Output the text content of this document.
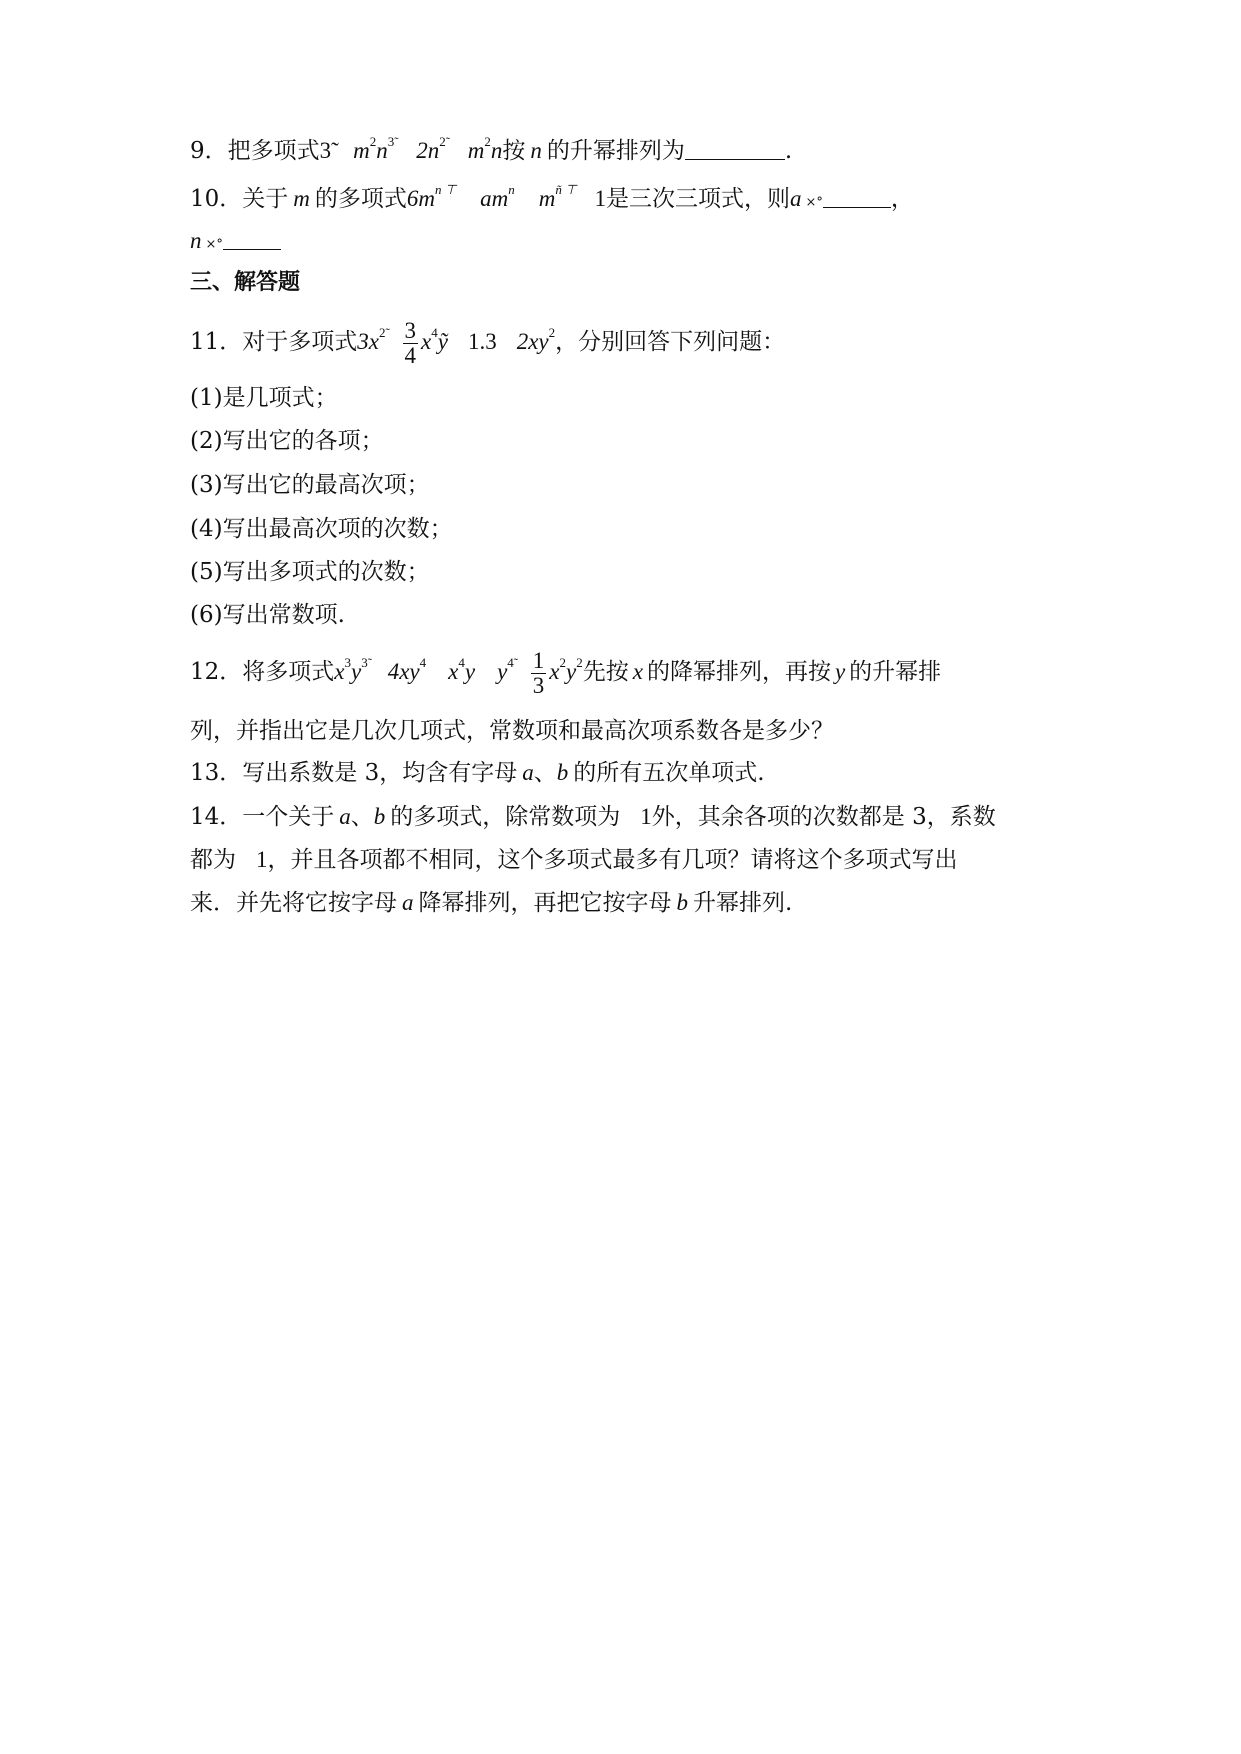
9．把多项式3̃ $m^2n^{3̃}$ $2n^{2̃}$ $m^2n$按 n 的升幂排列为	.
10．关于 m 的多项式$6m^{n ⊤}$ $am^n$ $m^{ñ ⊤}$ 1是三次三项式，则a ×°	，
n ×°
三、解答题
11．对于多项式$3x^{2̃} \frac{3}{4}$ $x^4ỹ$ 1.3 $2xy^2$，分别回答下列问题：
(1)是几项式；
(2)写出它的各项；
(3)写出它的最高次项；
(4)写出最高次项的次数；
(5)写出多项式的次数；
(6)写出常数项.
12．将多项式$x^3y^{3̃}$ $4xy^4$ $x^4y$ $y^{4̃} \frac{1}{3} x^2y^2$先按 x 的降幂排列，再按 y 的升幂排
列，并指出它是几次几项式，常数项和最高次项系数各是多少？
13．写出系数是 3，均含有字母 a、b 的所有五次单项式.
14．一个关于 a、b 的多项式，除常数项为 1外，其余各项的次数都是 3，系数
都为 1，并且各项都不相同，这个多项式最多有几项？请将这个多项式写出
来．并先将它按字母 a 降幂排列，再把它按字母 b 升幂排列.
